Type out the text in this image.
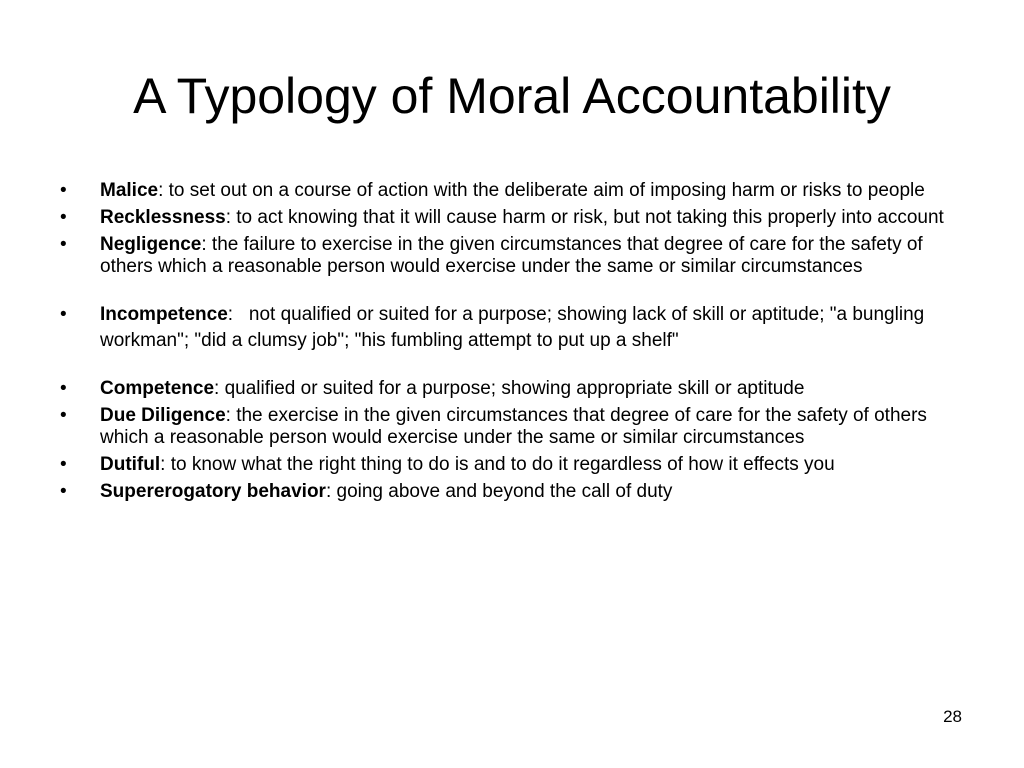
A Typology of Moral Accountability
• Malice: to set out on a course of action with the deliberate aim of imposing harm or risks to people
• Recklessness: to act knowing that it will cause harm or risk, but not taking this properly into account
• Negligence: the failure to exercise in the given circumstances that degree of care for the safety of others which a reasonable person would exercise under the same or similar circumstances
• Incompetence:   not qualified or suited for a purpose; showing lack of skill or aptitude; "a bungling workman"; "did a clumsy job"; "his fumbling attempt to put up a shelf"
• Competence: qualified or suited for a purpose; showing appropriate skill or aptitude
• Due Diligence: the exercise in the given circumstances that degree of care for the safety of others which a reasonable person would exercise under the same or similar circumstances
• Dutiful: to know what the right thing to do is and to do it regardless of how it effects you
• Supererogatory behavior: going above and beyond the call of duty
28
